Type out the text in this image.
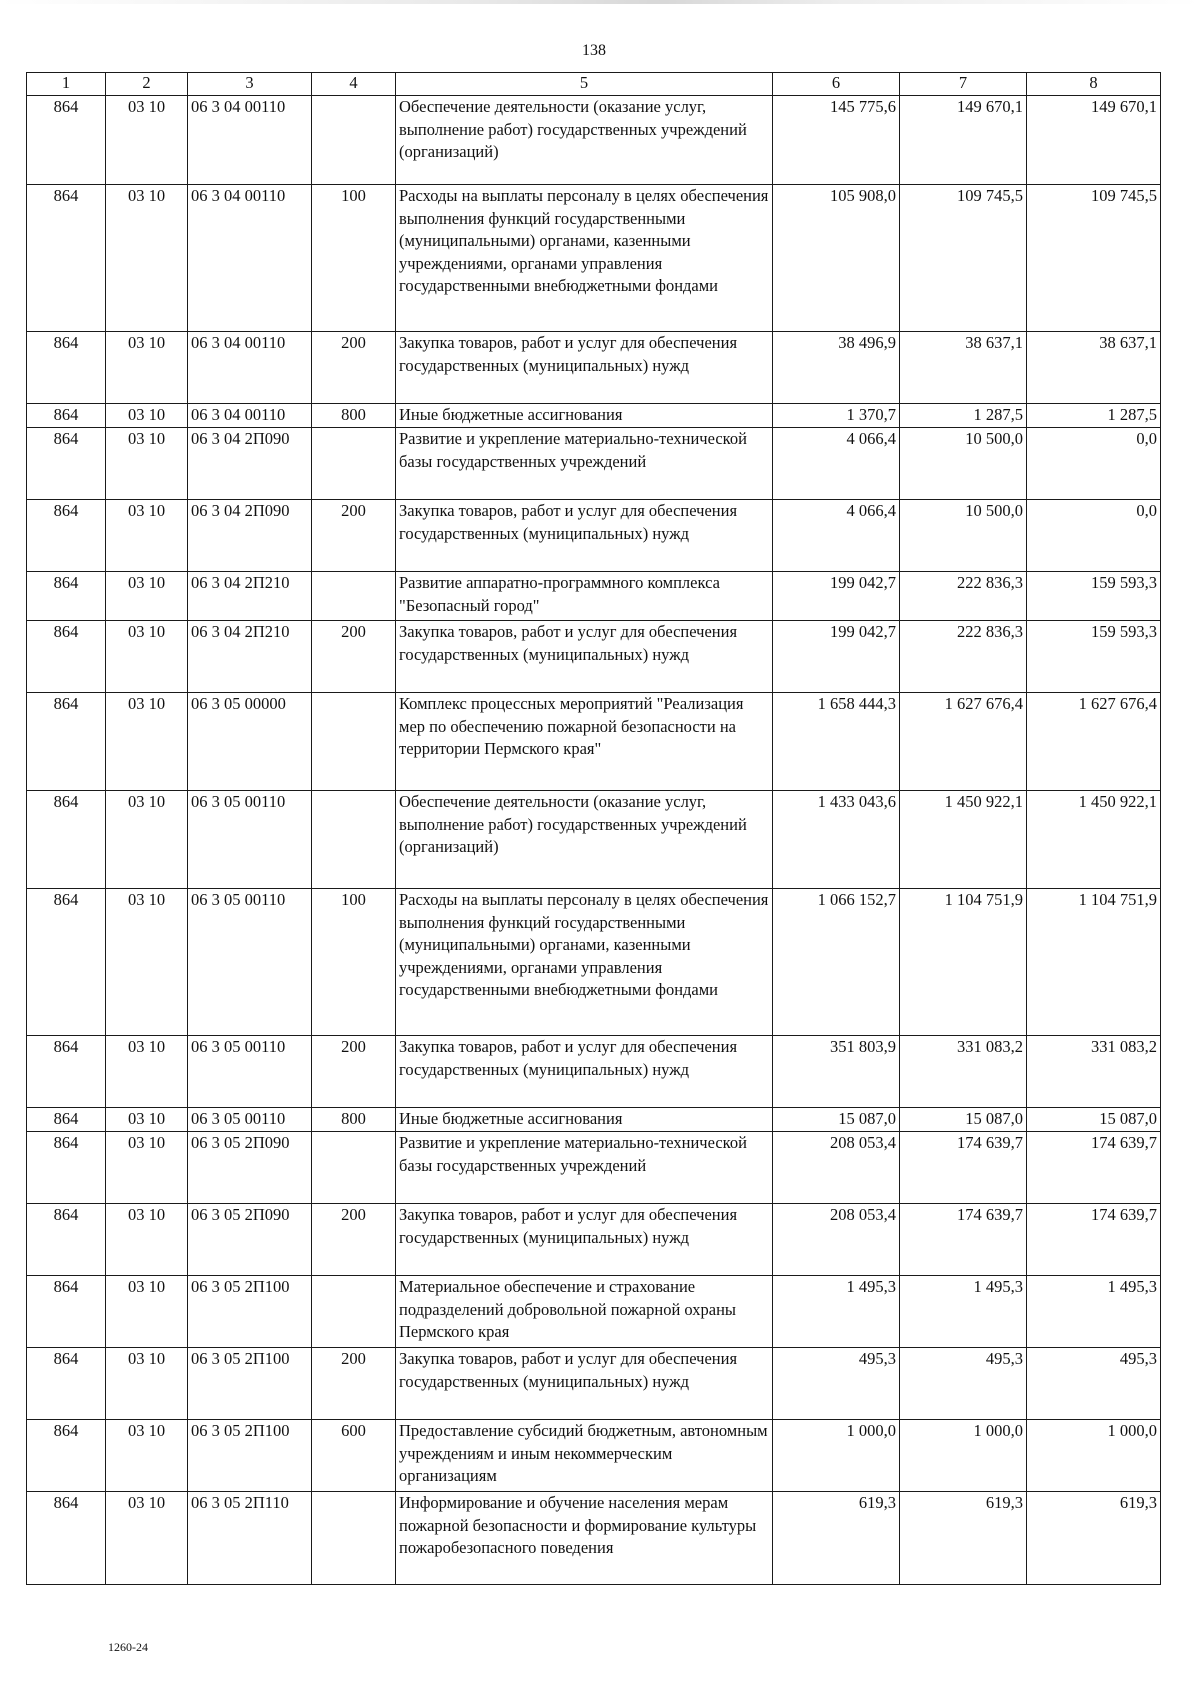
138
1	2	3	4	5	6	7	8
864	03 10	06 3 04 00110		Обеспечение деятельности (оказание услуг, выполнение работ) государственных учреждений (организаций)	145 775,6	149 670,1	149 670,1
864	03 10	06 3 04 00110	100	Расходы на выплаты персоналу в целях обеспечения выполнения функций государственными (муниципальными) органами, казенными учреждениями, органами управления государственными внебюджетными фондами	105 908,0	109 745,5	109 745,5
864	03 10	06 3 04 00110	200	Закупка товаров, работ и услуг для обеспечения государственных (муниципальных) нужд	38 496,9	38 637,1	38 637,1
864	03 10	06 3 04 00110	800	Иные бюджетные ассигнования	1 370,7	1 287,5	1 287,5
864	03 10	06 3 04 2П090		Развитие и укрепление материально-технической базы государственных учреждений	4 066,4	10 500,0	0,0
864	03 10	06 3 04 2П090	200	Закупка товаров, работ и услуг для обеспечения государственных (муниципальных) нужд	4 066,4	10 500,0	0,0
864	03 10	06 3 04 2П210		Развитие аппаратно-программного комплекса "Безопасный город"	199 042,7	222 836,3	159 593,3
864	03 10	06 3 04 2П210	200	Закупка товаров, работ и услуг для обеспечения государственных (муниципальных) нужд	199 042,7	222 836,3	159 593,3
864	03 10	06 3 05 00000		Комплекс процессных мероприятий "Реализация мер по обеспечению пожарной безопасности на территории Пермского края"	1 658 444,3	1 627 676,4	1 627 676,4
864	03 10	06 3 05 00110		Обеспечение деятельности (оказание услуг, выполнение работ) государственных учреждений (организаций)	1 433 043,6	1 450 922,1	1 450 922,1
864	03 10	06 3 05 00110	100	Расходы на выплаты персоналу в целях обеспечения выполнения функций государственными (муниципальными) органами, казенными учреждениями, органами управления государственными внебюджетными фондами	1 066 152,7	1 104 751,9	1 104 751,9
864	03 10	06 3 05 00110	200	Закупка товаров, работ и услуг для обеспечения государственных (муниципальных) нужд	351 803,9	331 083,2	331 083,2
864	03 10	06 3 05 00110	800	Иные бюджетные ассигнования	15 087,0	15 087,0	15 087,0
864	03 10	06 3 05 2П090		Развитие и укрепление материально-технической базы государственных учреждений	208 053,4	174 639,7	174 639,7
864	03 10	06 3 05 2П090	200	Закупка товаров, работ и услуг для обеспечения государственных (муниципальных) нужд	208 053,4	174 639,7	174 639,7
864	03 10	06 3 05 2П100		Материальное обеспечение и страхование подразделений добровольной пожарной охраны Пермского края	1 495,3	1 495,3	1 495,3
864	03 10	06 3 05 2П100	200	Закупка товаров, работ и услуг для обеспечения государственных (муниципальных) нужд	495,3	495,3	495,3
864	03 10	06 3 05 2П100	600	Предоставление субсидий бюджетным, автономным учреждениям и иным некоммерческим организациям	1 000,0	1 000,0	1 000,0
864	03 10	06 3 05 2П110		Информирование и обучение населения мерам пожарной безопасности и формирование культуры пожаробезопасного поведения	619,3	619,3	619,3
1260-24
